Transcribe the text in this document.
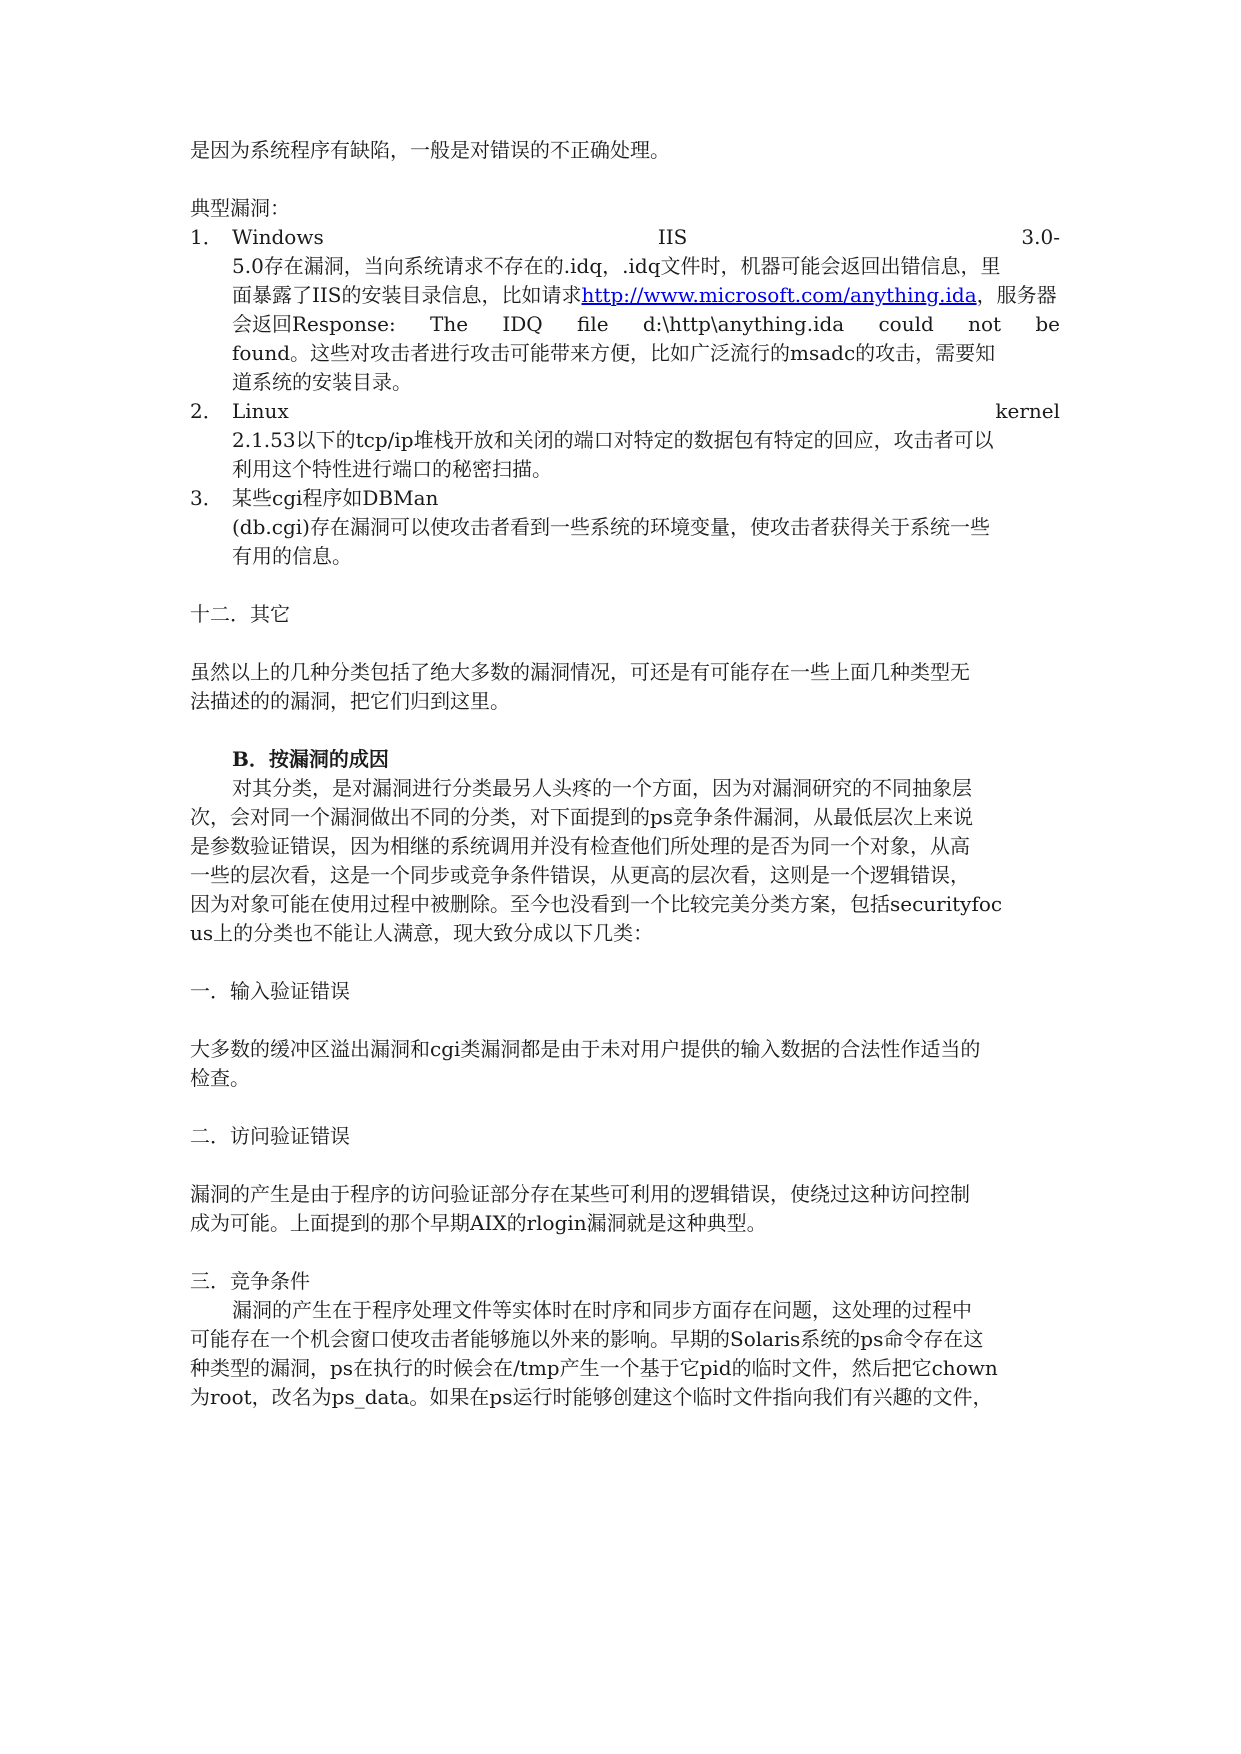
是因为系统程序有缺陷，一般是对错误的不正确处理。
典型漏洞：
1． Windows	IIS	3.0-
5.0存在漏洞，当向系统请求不存在的.idq，.idq文件时，机器可能会返回出错信息，里
面暴露了IIS的安装目录信息，比如请求http://www.microsoft.com/anything.ida，服务器
会返回Response: The IDQ file d:\http\anything.ida could not be
found。这些对攻击者进行攻击可能带来方便，比如广泛流行的msadc的攻击，需要知
道系统的安装目录。
2． Linux	kernel
2.1.53以下的tcp/ip堆栈开放和关闭的端口对特定的数据包有特定的回应，攻击者可以
利用这个特性进行端口的秘密扫描。
3． 某些cgi程序如DBMan
(db.cgi)存在漏洞可以使攻击者看到一些系统的环境变量，使攻击者获得关于系统一些
有用的信息。
十二．其它
虽然以上的几种分类包括了绝大多数的漏洞情况，可还是有可能存在一些上面几种类型无
法描述的的漏洞，把它们归到这里。
B．按漏洞的成因
对其分类，是对漏洞进行分类最另人头疼的一个方面，因为对漏洞研究的不同抽象层
次，会对同一个漏洞做出不同的分类，对下面提到的ps竞争条件漏洞，从最低层次上来说
是参数验证错误，因为相继的系统调用并没有检查他们所处理的是否为同一个对象，从高
一些的层次看，这是一个同步或竞争条件错误，从更高的层次看，这则是一个逻辑错误，
因为对象可能在使用过程中被删除。至今也没看到一个比较完美分类方案，包括securityfoc
us上的分类也不能让人满意，现大致分成以下几类：
一．输入验证错误
大多数的缓冲区溢出漏洞和cgi类漏洞都是由于未对用户提供的输入数据的合法性作适当的
检查。
二．访问验证错误
漏洞的产生是由于程序的访问验证部分存在某些可利用的逻辑错误，使绕过这种访问控制
成为可能。上面提到的那个早期AIX的rlogin漏洞就是这种典型。
三．竞争条件
漏洞的产生在于程序处理文件等实体时在时序和同步方面存在问题，这处理的过程中
可能存在一个机会窗口使攻击者能够施以外来的影响。早期的Solaris系统的ps命令存在这
种类型的漏洞，ps在执行的时候会在/tmp产生一个基于它pid的临时文件，然后把它chown
为root，改名为ps_data。如果在ps运行时能够创建这个临时文件指向我们有兴趣的文件，
